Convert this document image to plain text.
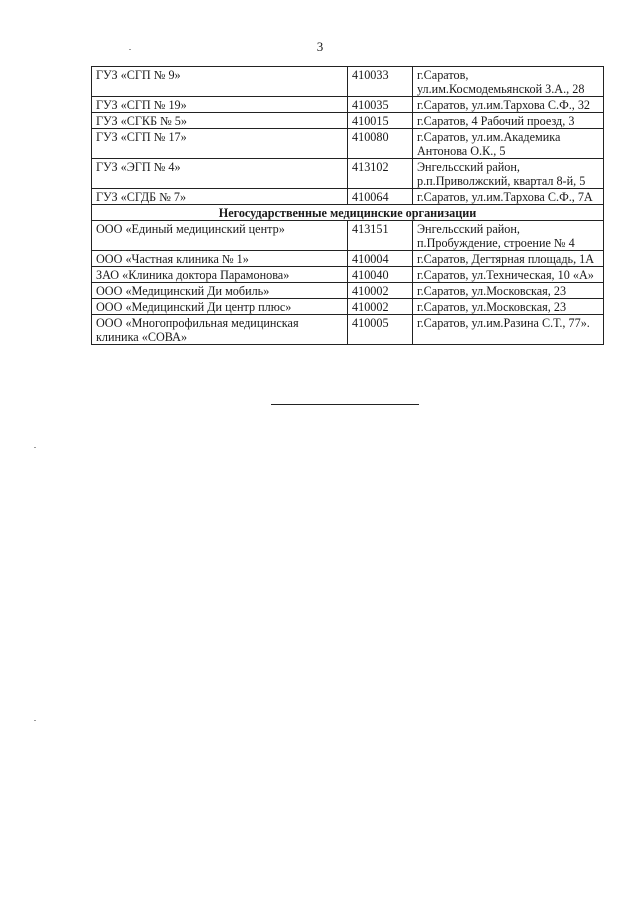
3
ГУЗ «СГП № 9»	410033	г.Саратов,
ул.им.Космодемьянской З.А., 28

ГУЗ «СГП № 19»	410035	г.Саратов, ул.им.Тархова С.Ф., 32

ГУЗ «СГКБ № 5»	410015	г.Саратов, 4 Рабочий проезд, 3

ГУЗ «СГП № 17»	410080	г.Саратов, ул.им.Академика
Антонова О.К., 5

ГУЗ «ЭГП № 4»	413102	Энгельсский район,
р.п.Приволжский, квартал 8-й, 5

ГУЗ «СГДБ № 7»	410064	г.Саратов, ул.им.Тархова С.Ф., 7А

Негосударственные медицинские организации		
ООО «Единый медицинский центр»	413151	Энгельсский район,
п.Пробуждение, строение № 4

ООО «Частная клиника № 1»	410004	г.Саратов, Дегтярная площадь, 1А

ЗАО «Клиника доктора Парамонова»	410040	г.Саратов, ул.Техническая, 10 «А»

ООО «Медицинский Ди мобиль»	410002	г.Саратов, ул.Московская, 23

ООО «Медицинский Ди центр плюс»	410002	г.Саратов, ул.Московская, 23

ООО «Многопрофильная медицинская клиника «СОВА»	410005	г.Саратов, ул.им.Разина С.Т., 77».
